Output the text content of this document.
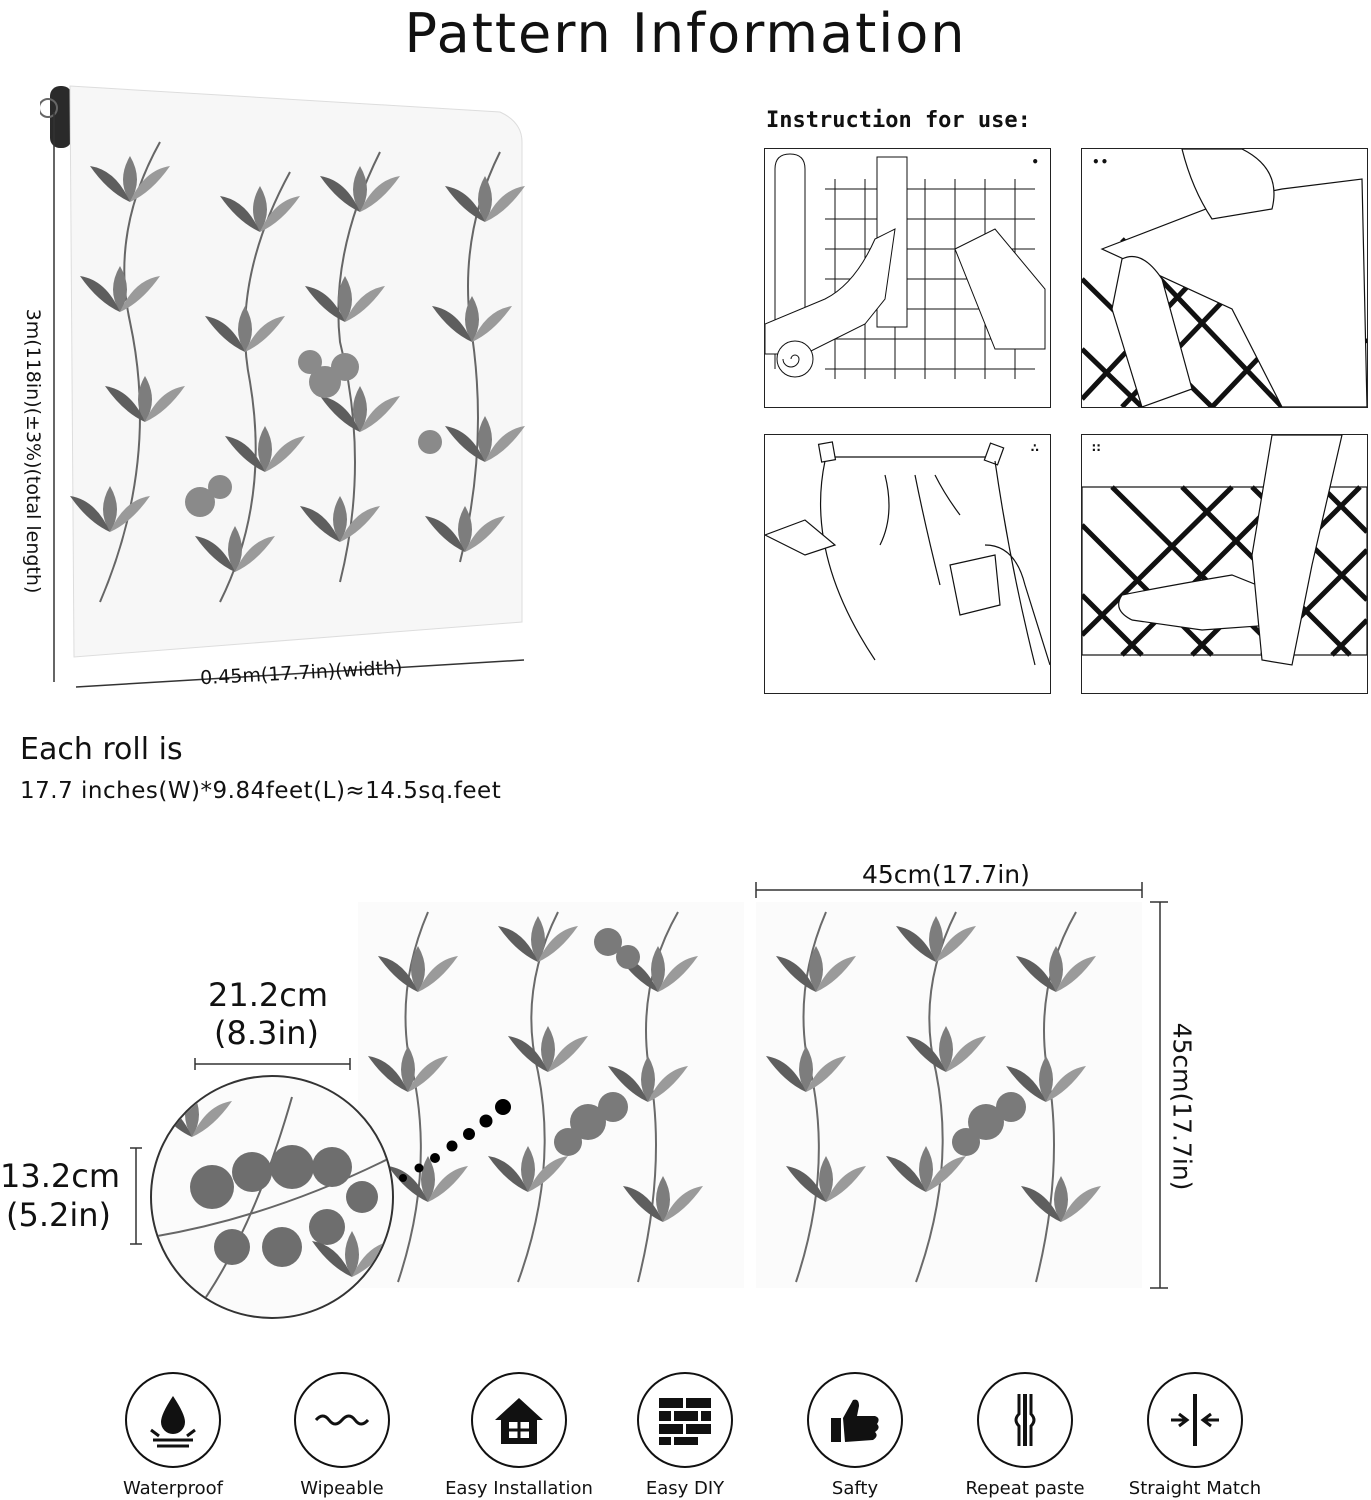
Pattern Information
3m(118in)(±3%)(total length)
0.45m(17.7in)(width)
Instruction for use:
•	••
∴	∷
Each roll is
17.7 inches(W)*9.84feet(L)≈14.5sq.feet
45cm(17.7in)
45cm(17.7in)
21.2cm
(8.3in)
13.2cm
(5.2in)
Waterproof	Wipeable	Easy Installation	Easy DIY	Safty	Repeat paste	Straight Match
